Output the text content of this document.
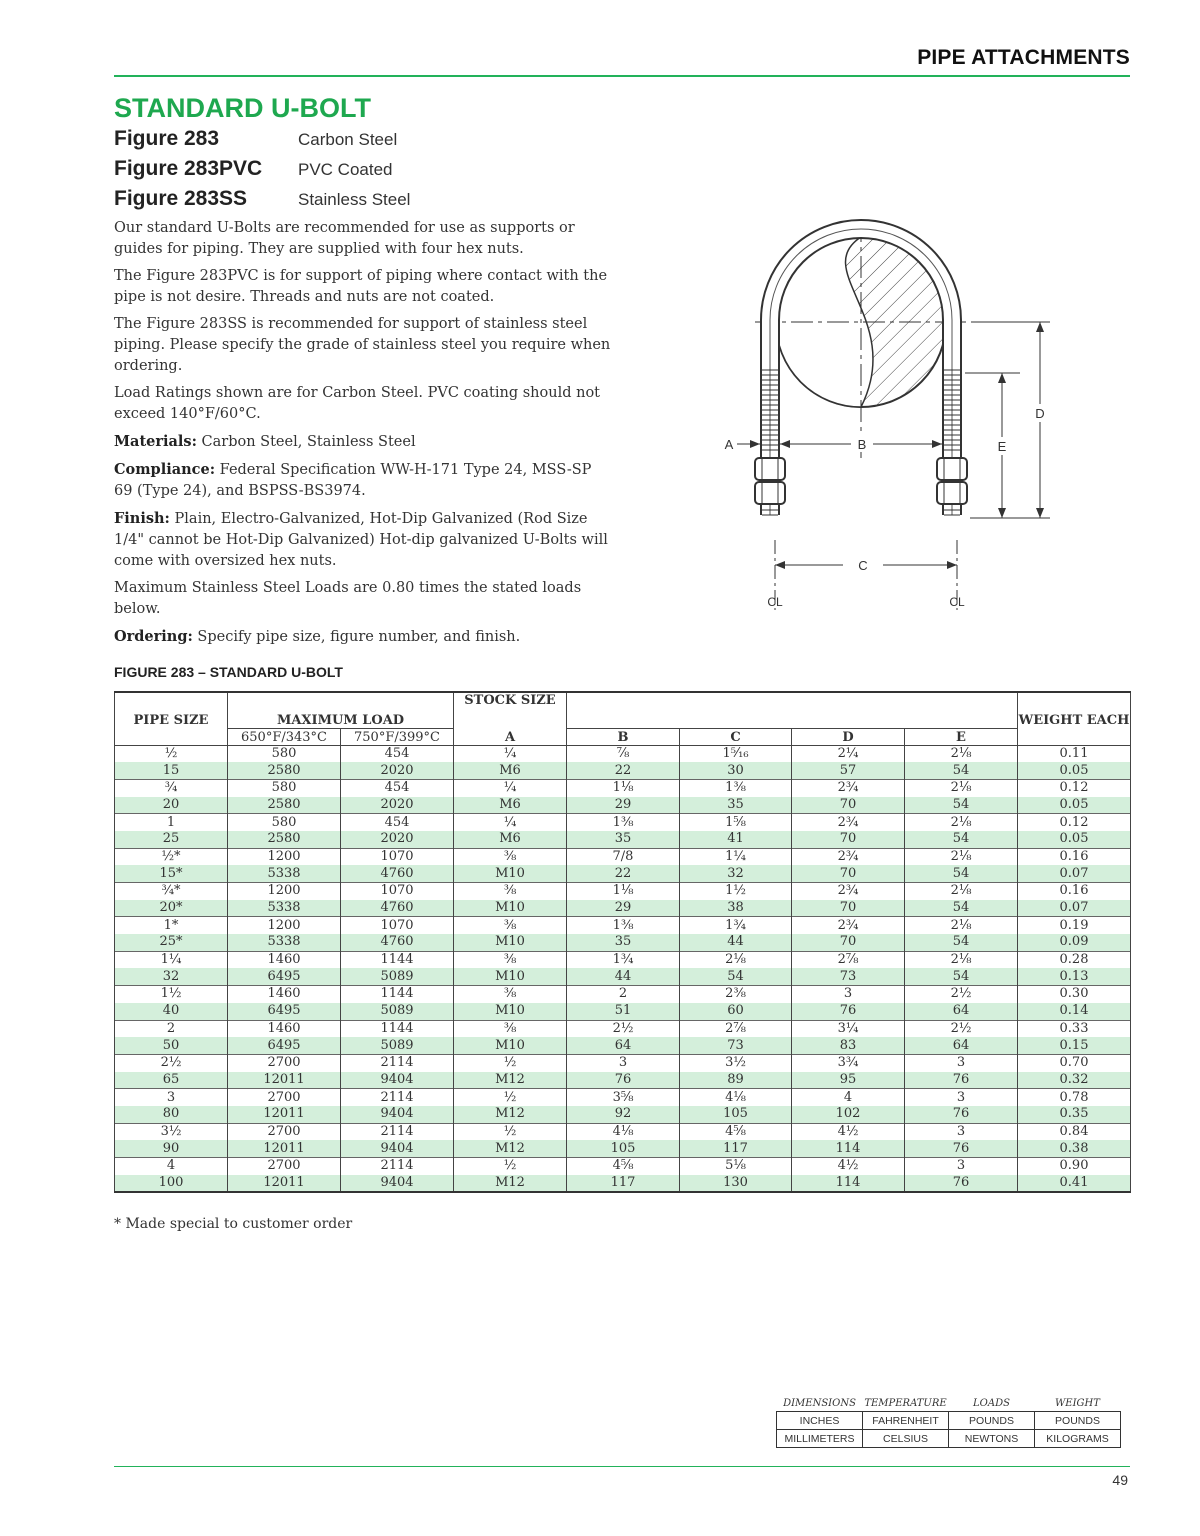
PIPE ATTACHMENTS
STANDARD U-BOLT
Figure 283	Carbon Steel
Figure 283PVC PVC Coated
Figure 283SS	Stainless Steel

Our standard U-Bolts are recommended for use as supports or guides for piping. They are supplied with four hex nuts.

The Figure 283PVC is for support of piping where contact with the pipe is not desire. Threads and nuts are not coated.

The Figure 283SS is recommended for support of stainless steel piping. Please specify the grade of stainless steel you require when ordering.

Load Ratings shown are for Carbon Steel. PVC coating should not exceed 140°F/60°C.

Materials: Carbon Steel, Stainless Steel

Compliance: Federal Specification WW-H-171 Type 24, MSS-SP 69 (Type 24), and BSPSS-BS3974.

Finish: Plain, Electro-Galvanized, Hot-Dip Galvanized (Rod Size 1/4" cannot be Hot-Dip Galvanized) Hot-dip galvanized U-Bolts will come with oversized hex nuts.

Maximum Stainless Steel Loads are 0.80 times the stated loads below.

Ordering: Specify pipe size, figure number, and finish.

B
A
D
E
C
CL	CL
FIGURE 283 – STANDARD U-BOLT
PIPE SIZE	MAXIMUM LOAD		STOCK SIZE					WEIGHT EACH

	650°F/343°C	750°F/399°C	A	B	C	D	E	
½	580	454	¼	⅞	1⁵⁄₁₆	2¼	2⅛	0.11
15	2580	2020	M6	22	30	57	54	0.05
¾	580	454	¼	1⅛	1⅜	2¾	2⅛	0.12
20	2580	2020	M6	29	35	70	54	0.05
1	580	454	¼	1⅜	1⅝	2¾	2⅛	0.12
25	2580	2020	M6	35	41	70	54	0.05
½*	1200	1070	⅜	7/8	1¼	2¾	2⅛	0.16
15*	5338	4760	M10	22	32	70	54	0.07
¾*	1200	1070	⅜	1⅛	1½	2¾	2⅛	0.16
20*	5338	4760	M10	29	38	70	54	0.07
1*	1200	1070	⅜	1⅜	1¾	2¾	2⅛	0.19
25*	5338	4760	M10	35	44	70	54	0.09
1¼	1460	1144	⅜	1¾	2⅛	2⅞	2⅛	0.28
32	6495	5089	M10	44	54	73	54	0.13
1½	1460	1144	⅜	2	2⅜	3	2½	0.30
40	6495	5089	M10	51	60	76	64	0.14
2	1460	1144	⅜	2½	2⅞	3¼	2½	0.33
50	6495	5089	M10	64	73	83	64	0.15
2½	2700	2114	½	3	3½	3¾	3	0.70
65	12011	9404	M12	76	89	95	76	0.32
3	2700	2114	½	3⅝	4⅛	4	3	0.78
80	12011	9404	M12	92	105	102	76	0.35
3½	2700	2114	½	4⅛	4⅝	4½	3	0.84
90	12011	9404	M12	105	117	114	76	0.38
4	2700	2114	½	4⅝	5⅛	4½	3	0.90
100	12011	9404	M12	117	130	114	76	0.41
* Made special to customer order
DIMENSIONS	TEMPERATURE	LOADS	WEIGHT
INCHES	FAHRENHEIT	POUNDS	POUNDS
MILLIMETERS	CELSIUS	NEWTONS	KILOGRAMS
49
